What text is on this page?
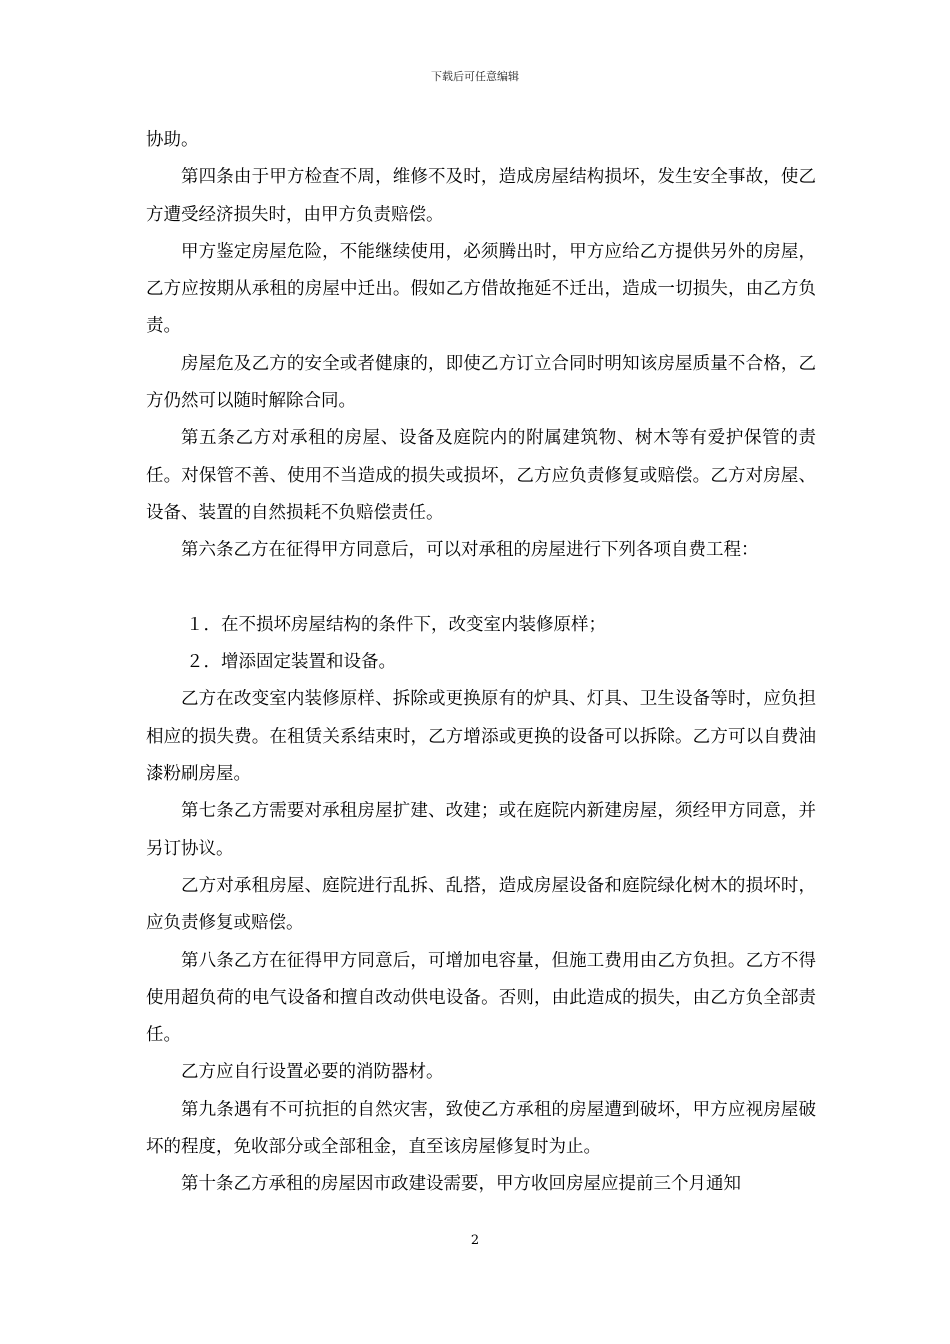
下载后可任意编辑

协助。

第四条由于甲方检查不周，维修不及时，造成房屋结构损坏，发生安全事故，使乙方遭受经济损失时，由甲方负责赔偿。

甲方鉴定房屋危险，不能继续使用，必须腾出时，甲方应给乙方提供另外的房屋，乙方应按期从承租的房屋中迁出。假如乙方借故拖延不迁出，造成一切损失，由乙方负责。

房屋危及乙方的安全或者健康的，即使乙方订立合同时明知该房屋质量不合格，乙方仍然可以随时解除合同。

第五条乙方对承租的房屋、设备及庭院内的附属建筑物、树木等有爱护保管的责任。对保管不善、使用不当造成的损失或损坏，乙方应负责修复或赔偿。乙方对房屋、设备、装置的自然损耗不负赔偿责任。

第六条乙方在征得甲方同意后，可以对承租的房屋进行下列各项自费工程：

１．在不损坏房屋结构的条件下，改变室内装修原样；

２．增添固定装置和设备。

乙方在改变室内装修原样、拆除或更换原有的炉具、灯具、卫生设备等时，应负担相应的损失费。在租赁关系结束时，乙方增添或更换的设备可以拆除。乙方可以自费油漆粉刷房屋。

第七条乙方需要对承租房屋扩建、改建；或在庭院内新建房屋，须经甲方同意，并另订协议。

乙方对承租房屋、庭院进行乱拆、乱搭，造成房屋设备和庭院绿化树木的损坏时，应负责修复或赔偿。

第八条乙方在征得甲方同意后，可增加电容量，但施工费用由乙方负担。乙方不得使用超负荷的电气设备和擅自改动供电设备。否则，由此造成的损失，由乙方负全部责任。

乙方应自行设置必要的消防器材。

第九条遇有不可抗拒的自然灾害，致使乙方承租的房屋遭到破坏，甲方应视房屋破坏的程度，免收部分或全部租金，直至该房屋修复时为止。

第十条乙方承租的房屋因市政建设需要，甲方收回房屋应提前三个月通知

2
